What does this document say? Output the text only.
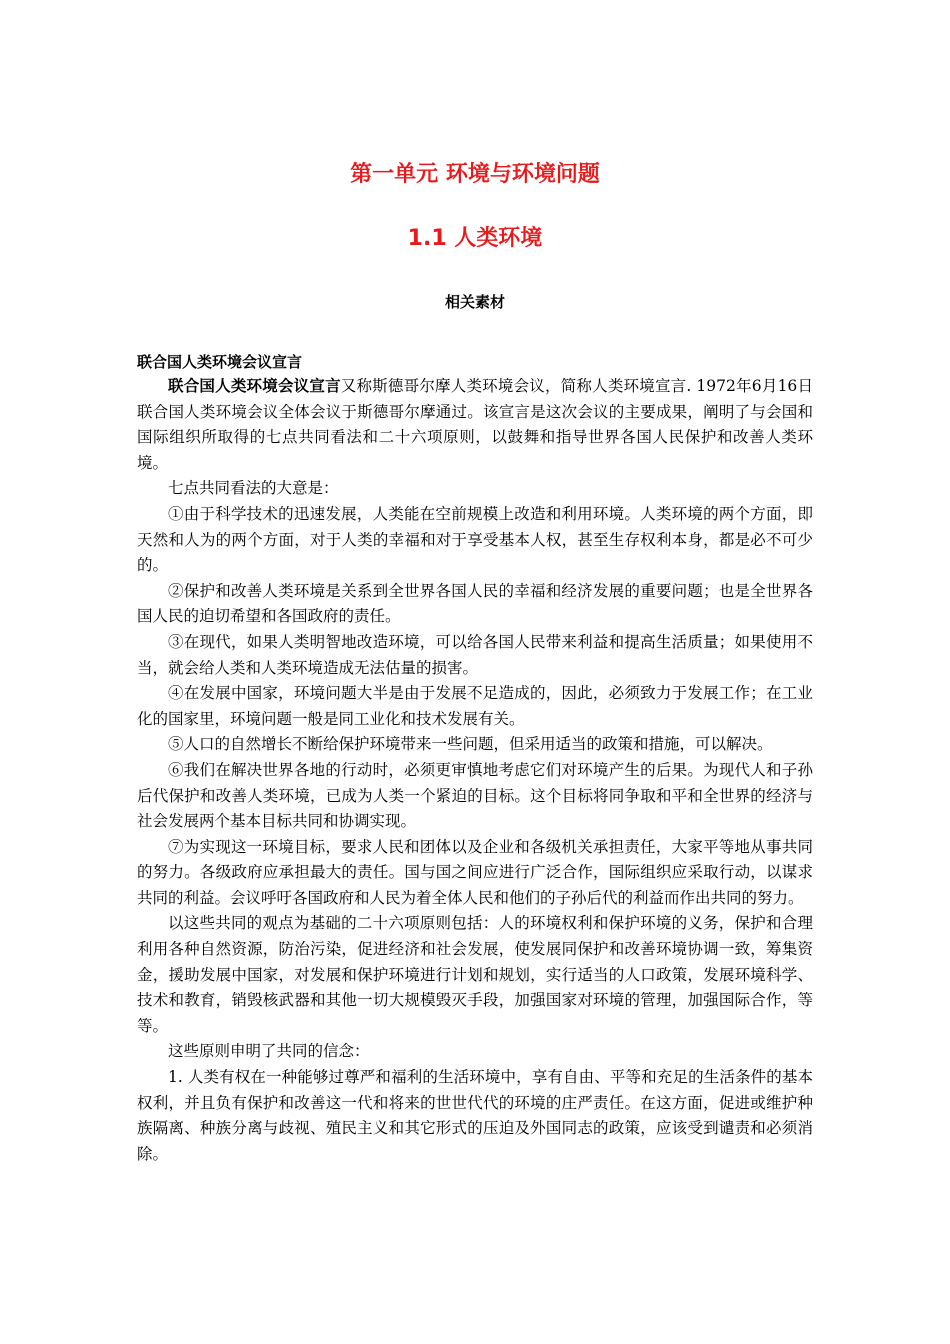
第一单元 环境与环境问题
1.1 人类环境
相关素材

联合国人类环境会议宣言

联合国人类环境会议宣言又称斯德哥尔摩人类环境会议，简称人类环境宣言. 1972年6月16日联合国人类环境会议全体会议于斯德哥尔摩通过。该宣言是这次会议的主要成果，阐明了与会国和国际组织所取得的七点共同看法和二十六项原则，以鼓舞和指导世界各国人民保护和改善人类环境。

七点共同看法的大意是：

①由于科学技术的迅速发展，人类能在空前规模上改造和利用环境。人类环境的两个方面，即天然和人为的两个方面，对于人类的幸福和对于享受基本人权，甚至生存权利本身，都是必不可少的。

②保护和改善人类环境是关系到全世界各国人民的幸福和经济发展的重要问题；也是全世界各国人民的迫切希望和各国政府的责任。

③在现代，如果人类明智地改造环境，可以给各国人民带来利益和提高生活质量；如果使用不当，就会给人类和人类环境造成无法估量的损害。

④在发展中国家，环境问题大半是由于发展不足造成的，因此，必须致力于发展工作；在工业化的国家里，环境问题一般是同工业化和技术发展有关。

⑤人口的自然增长不断给保护环境带来一些问题，但采用适当的政策和措施，可以解决。

⑥我们在解决世界各地的行动时，必须更审慎地考虑它们对环境产生的后果。为现代人和子孙后代保护和改善人类环境，已成为人类一个紧迫的目标。这个目标将同争取和平和全世界的经济与社会发展两个基本目标共同和协调实现。

⑦为实现这一环境目标，要求人民和团体以及企业和各级机关承担责任，大家平等地从事共同的努力。各级政府应承担最大的责任。国与国之间应进行广泛合作，国际组织应采取行动，以谋求共同的利益。会议呼吁各国政府和人民为着全体人民和他们的子孙后代的利益而作出共同的努力。

以这些共同的观点为基础的二十六项原则包括：人的环境权利和保护环境的义务，保护和合理利用各种自然资源，防治污染，促进经济和社会发展，使发展同保护和改善环境协调一致，筹集资金，援助发展中国家，对发展和保护环境进行计划和规划，实行适当的人口政策，发展环境科学、技术和教育，销毁核武器和其他一切大规模毁灭手段，加强国家对环境的管理，加强国际合作，等等。

这些原则申明了共同的信念：

1. 人类有权在一种能够过尊严和福利的生活环境中，享有自由、平等和充足的生活条件的基本权利，并且负有保护和改善这一代和将来的世世代代的环境的庄严责任。在这方面，促进或维护种族隔离、种族分离与歧视、殖民主义和其它形式的压迫及外国同志的政策，应该受到谴责和必须消除。
